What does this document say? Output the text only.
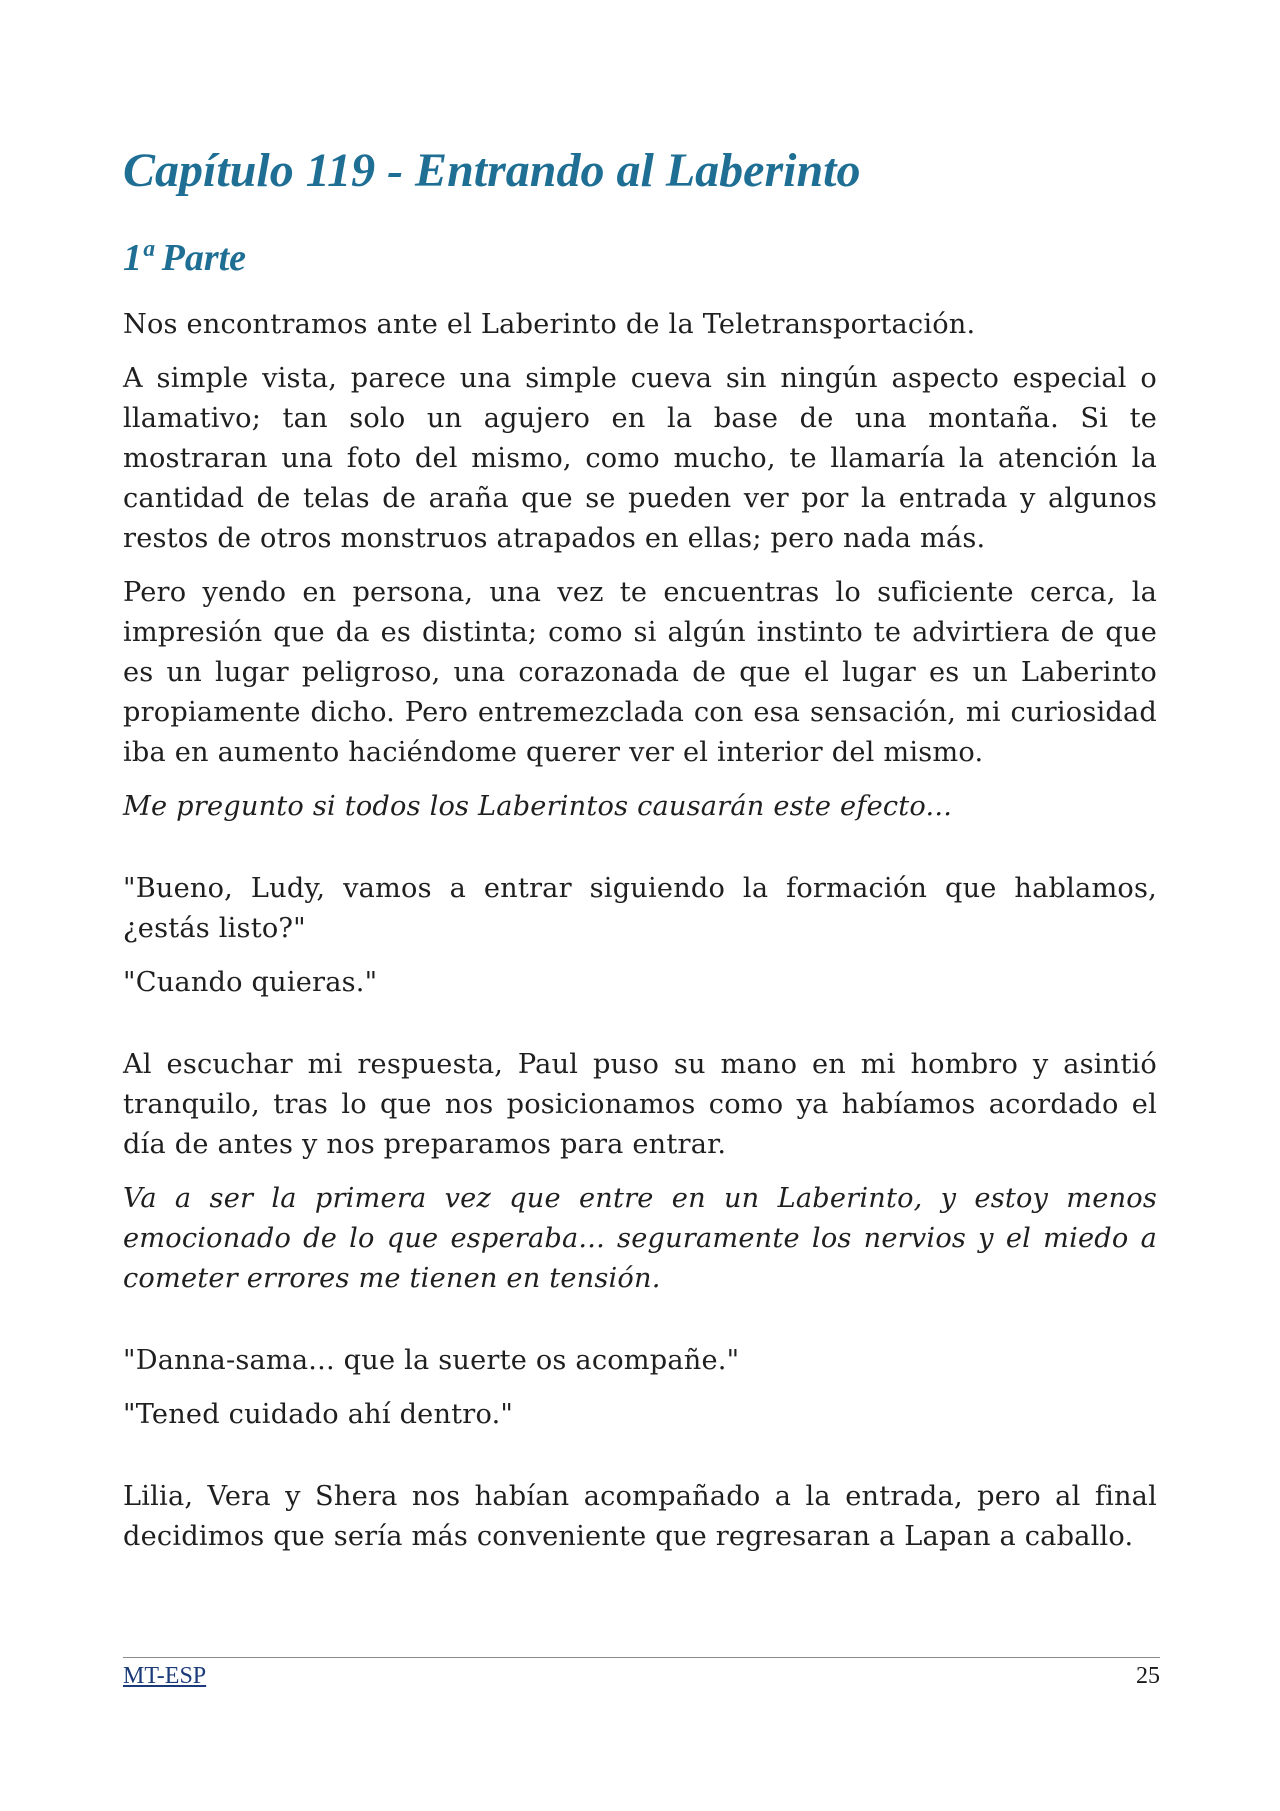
Capítulo 119 - Entrando al Laberinto
1ª Parte

Nos encontramos ante el Laberinto de la Teletransportación.

A simple vista, parece una simple cueva sin ningún aspecto especial o llamativo; tan solo un agujero en la base de una montaña. Si te mostraran una foto del mismo, como mucho, te llamaría la atención la cantidad de telas de araña que se pueden ver por la entrada y algunos restos de otros monstruos atrapados en ellas; pero nada más.

Pero yendo en persona, una vez te encuentras lo suficiente cerca, la impresión que da es distinta; como si algún instinto te advirtiera de que es un lugar peligroso, una corazonada de que el lugar es un Laberinto propiamente dicho. Pero entremezclada con esa sensación, mi curiosidad iba en aumento haciéndome querer ver el interior del mismo.

Me pregunto si todos los Laberintos causarán este efecto...

"Bueno, Ludy, vamos a entrar siguiendo la formación que hablamos, ¿estás listo?"

"Cuando quieras."

Al escuchar mi respuesta, Paul puso su mano en mi hombro y asintió tranquilo, tras lo que nos posicionamos como ya habíamos acordado el día de antes y nos preparamos para entrar.

Va a ser la primera vez que entre en un Laberinto, y estoy menos emocionado de lo que esperaba... seguramente los nervios y el miedo a cometer errores me tienen en tensión.

"Danna-sama... que la suerte os acompañe."

"Tened cuidado ahí dentro."

Lilia, Vera y Shera nos habían acompañado a la entrada, pero al final decidimos que sería más conveniente que regresaran a Lapan a caballo.

MT-ESP	25
